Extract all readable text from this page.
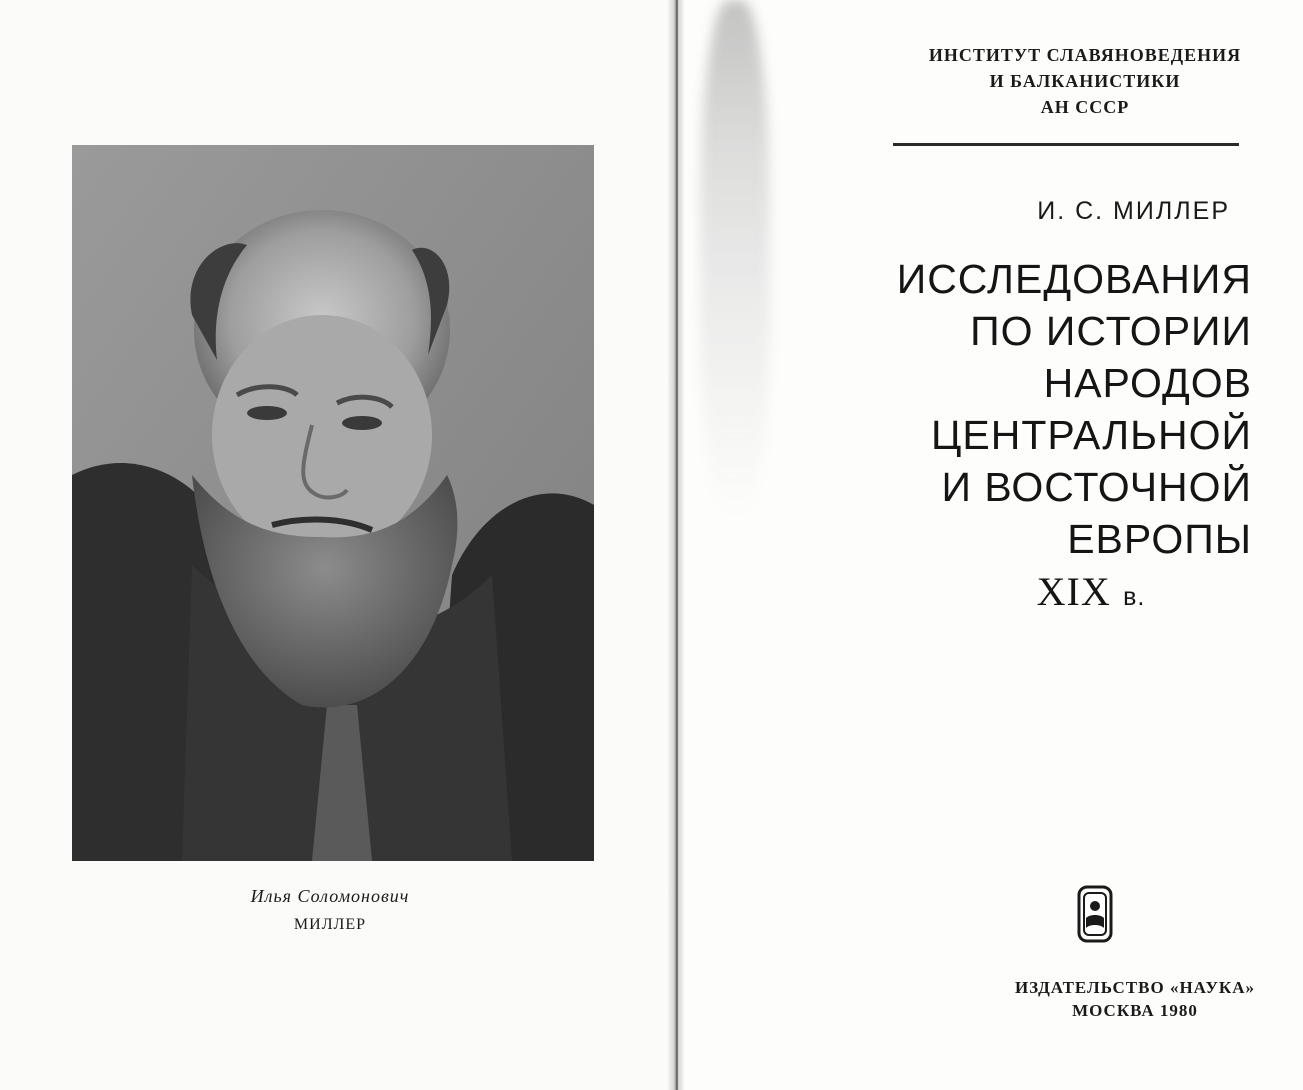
Илья Соломонович
МИЛЛЕР
ИНСТИТУТ СЛАВЯНОВЕДЕНИЯ
И БАЛКАНИСТИКИ
АН СССР
И. С. МИЛЛЕР
ИССЛЕДОВАНИЯ
ПО ИСТОРИИ
НАРОДОВ
ЦЕНТРАЛЬНОЙ
И ВОСТОЧНОЙ
ЕВРОПЫ
XIX в.
ИЗДАТЕЛЬСТВО «НАУКА»
МОСКВА 1980
